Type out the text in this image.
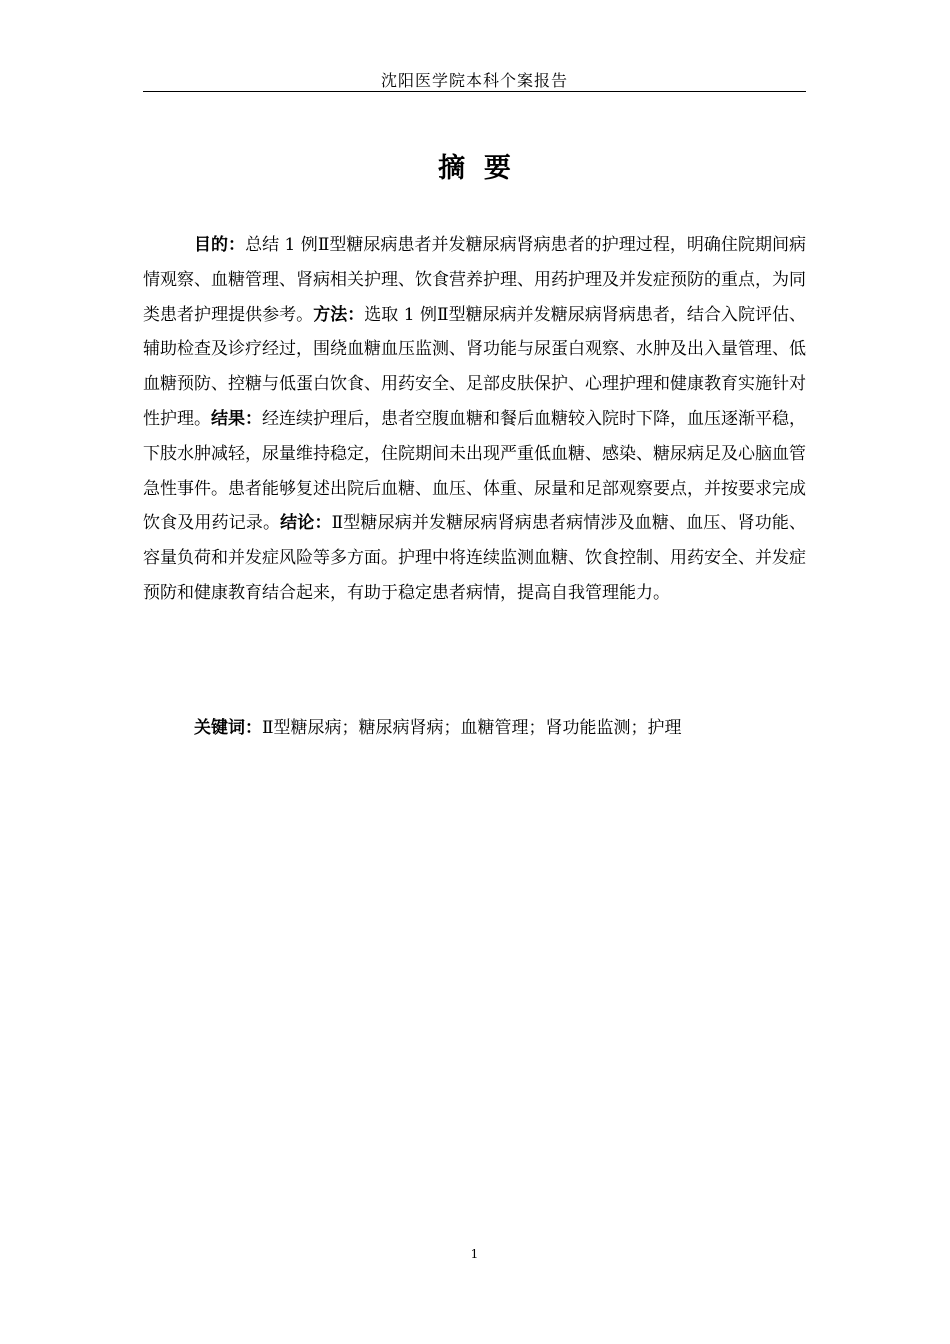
沈阳医学院本科个案报告
摘  要

目的：总结 1 例Ⅱ型糖尿病患者并发糖尿病肾病患者的护理过程，明确住院期间病情观察、血糖管理、肾病相关护理、饮食营养护理、用药护理及并发症预防的重点，为同类患者护理提供参考。方法：选取 1 例Ⅱ型糖尿病并发糖尿病肾病患者，结合入院评估、辅助检查及诊疗经过，围绕血糖血压监测、肾功能与尿蛋白观察、水肿及出入量管理、低血糖预防、控糖与低蛋白饮食、用药安全、足部皮肤保护、心理护理和健康教育实施针对性护理。结果：经连续护理后，患者空腹血糖和餐后血糖较入院时下降，血压逐渐平稳，下肢水肿减轻，尿量维持稳定，住院期间未出现严重低血糖、感染、糖尿病足及心脑血管急性事件。患者能够复述出院后血糖、血压、体重、尿量和足部观察要点，并按要求完成饮食及用药记录。结论：Ⅱ型糖尿病并发糖尿病肾病患者病情涉及血糖、血压、肾功能、容量负荷和并发症风险等多方面。护理中将连续监测血糖、饮食控制、用药安全、并发症预防和健康教育结合起来，有助于稳定患者病情，提高自我管理能力。

关键词：Ⅱ型糖尿病；糖尿病肾病；血糖管理；肾功能监测；护理

1
